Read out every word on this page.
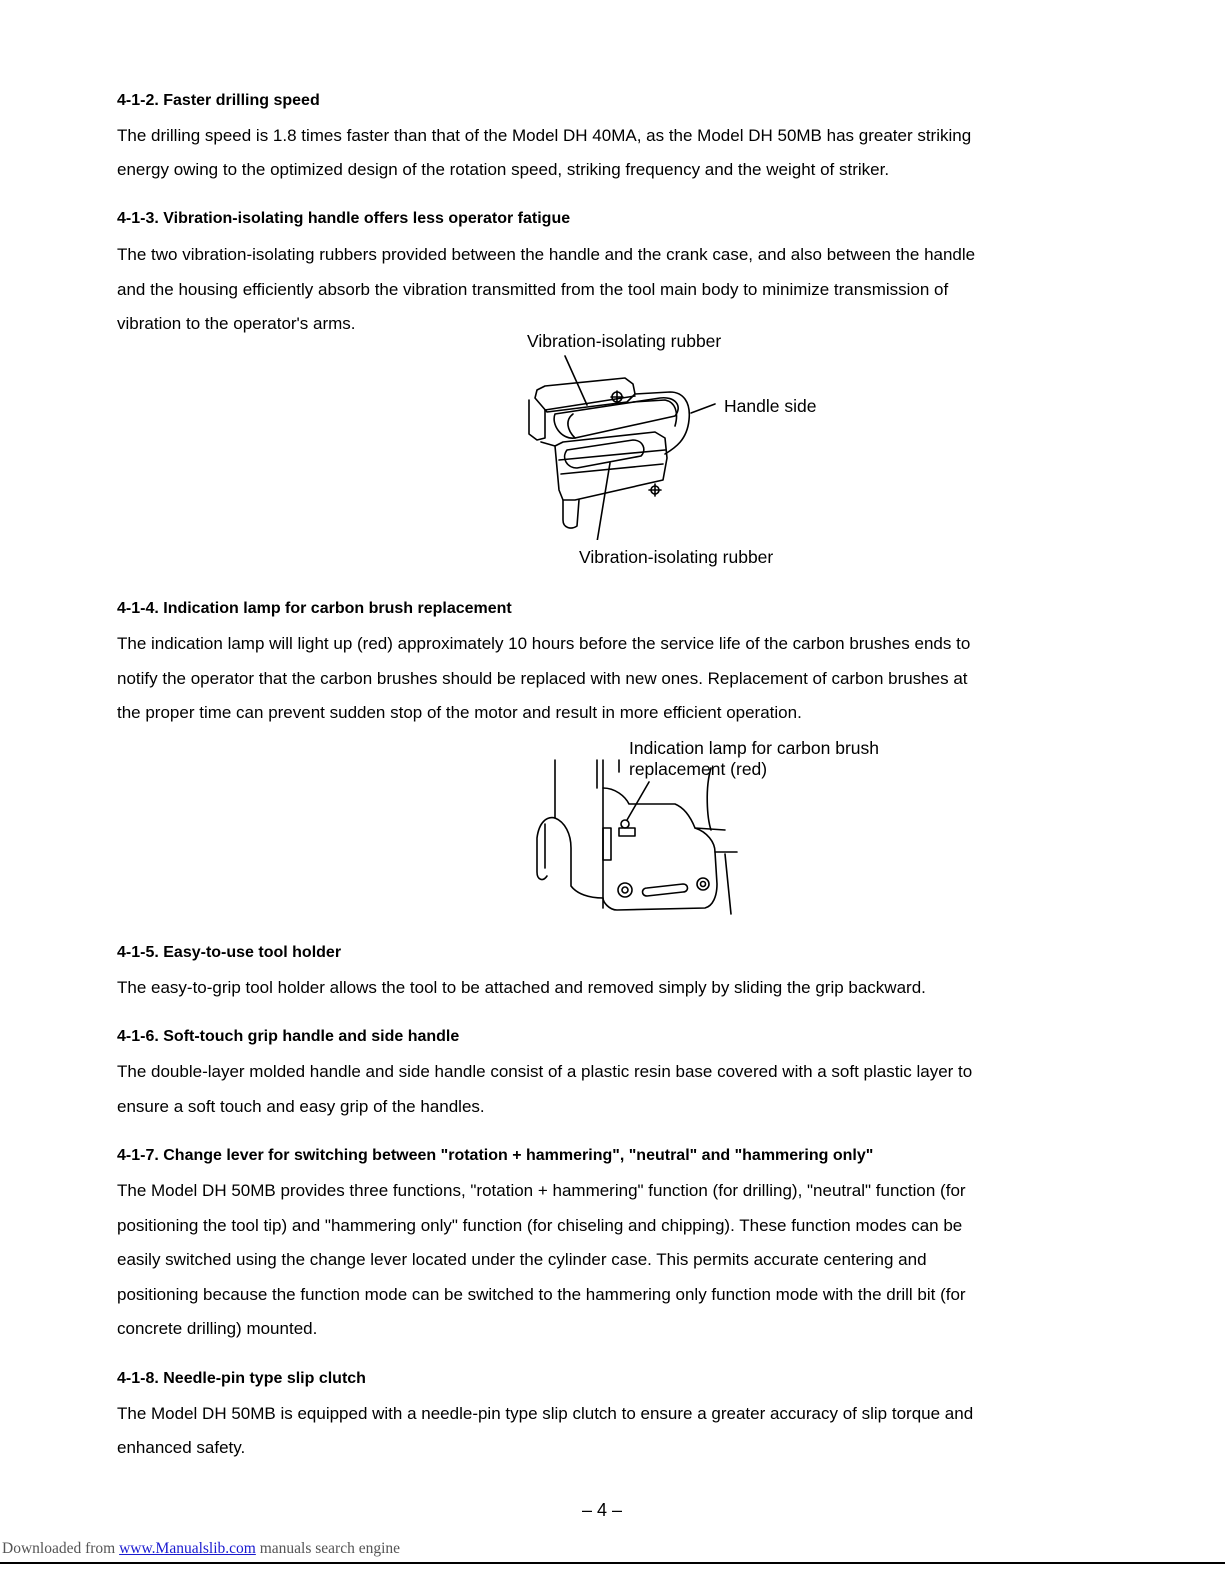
4-1-2. Faster drilling speed
The drilling speed is 1.8 times faster than that of the Model DH 40MA, as the Model DH 50MB has greater striking
energy owing to the optimized design of the rotation speed, striking frequency and the weight of striker.
4-1-3. Vibration-isolating handle offers less operator fatigue
The two vibration-isolating rubbers provided between the handle and the crank case, and also between the handle
and the housing efficiently absorb the vibration transmitted from the tool main body to minimize transmission of
vibration to the operator's arms.
Vibration-isolating rubber
Handle side
Vibration-isolating rubber
4-1-4. Indication lamp for carbon brush replacement
The indication lamp will light up (red) approximately 10 hours before the service life of the carbon brushes ends to
notify the operator that the carbon brushes should be replaced with new ones. Replacement of carbon brushes at
the proper time can prevent sudden stop of the motor and result in more efficient operation.
Indication lamp for carbon brush
replacement (red)
4-1-5. Easy-to-use tool holder
The easy-to-grip tool holder allows the tool to be attached and removed simply by sliding the grip backward.
4-1-6. Soft-touch grip handle and side handle
The double-layer molded handle and side handle consist of a plastic resin base covered with a soft plastic layer to
ensure a soft touch and easy grip of the handles.
4-1-7. Change lever for switching between "rotation + hammering", "neutral" and "hammering only"
The Model DH 50MB provides three functions, "rotation + hammering" function (for drilling), "neutral" function (for
positioning the tool tip) and "hammering only" function (for chiseling and chipping). These function modes can be
easily switched using the change lever located under the cylinder case. This permits accurate centering and
positioning because the function mode can be switched to the hammering only function mode with the drill bit (for
concrete drilling) mounted.
4-1-8. Needle-pin type slip clutch
The Model DH 50MB is equipped with a needle-pin type slip clutch to ensure a greater accuracy of slip torque and
enhanced safety.
– 4 –
Downloaded from www.Manualslib.com manuals search engine
